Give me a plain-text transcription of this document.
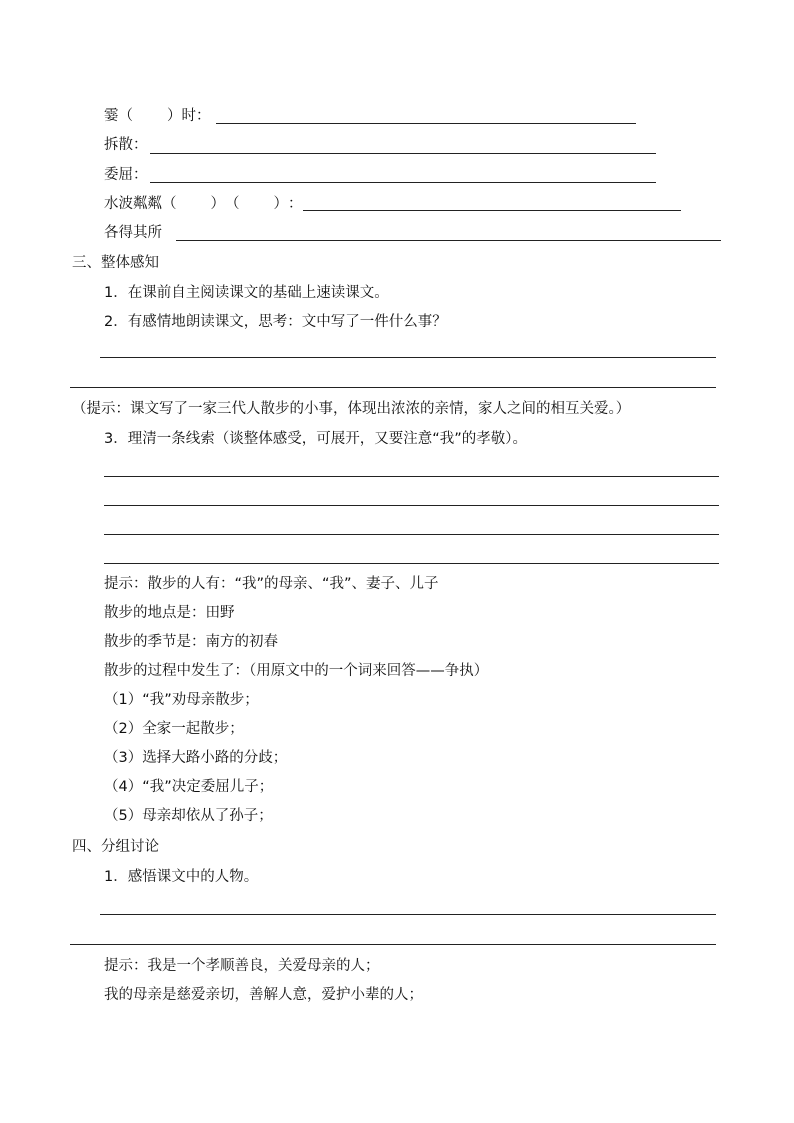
霎 （ ） 时：
拆散：
委屈：
水波粼粼 （ ） （ ） ：
各得其所
三、整体感知
1．在课前自主阅读课文的基础上速读课文。
2．有感情地朗读课文，思考：文中写了一件什么事？
（提示：课文写了一家三代人散步的小事，体现出浓浓的亲情，家人之间的相互关爱。）
3．理清一条线索（谈整体感受，可展开，又要注意“我”的孝敬）。
提示：散步的人有：“我”的母亲、“我”、妻子、儿子
散步的地点是：田野
散步的季节是：南方的初春
散步的过程中发生了：（用原文中的一个词来回答——争执）
（1）“我”劝母亲散步；
（2）全家一起散步；
（3）选择大路小路的分歧；
（4）“我”决定委屈儿子；
（5）母亲却依从了孙子；
四、分组讨论
1．感悟课文中的人物。
提示：我是一个孝顺善良，关爱母亲的人；
我的母亲是慈爱亲切，善解人意，爱护小辈的人；
